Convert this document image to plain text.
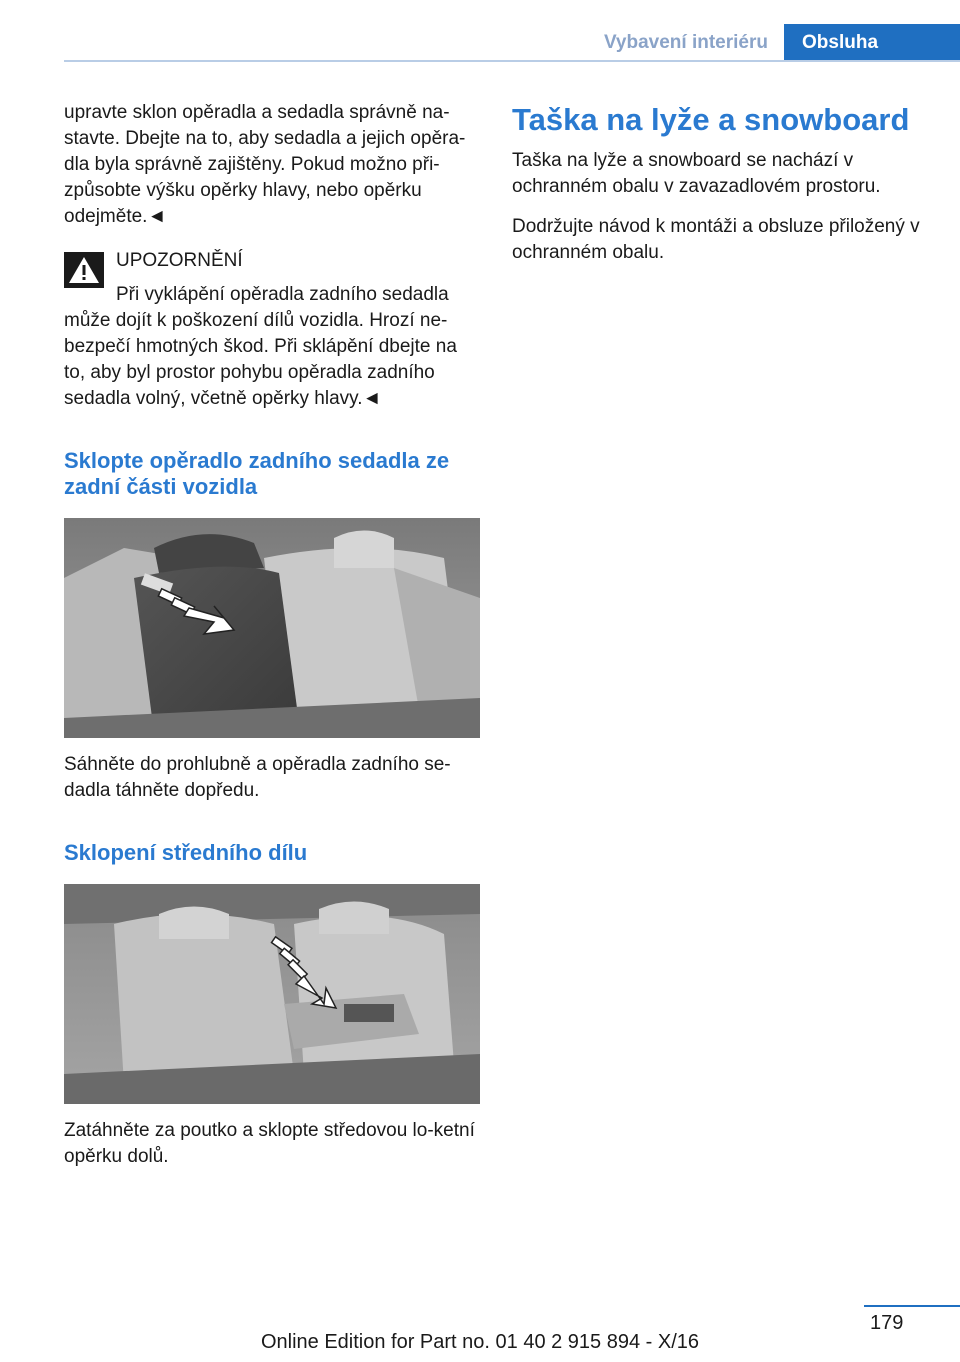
Vybavení interiéru	Obsluha

upravte sklon opěradla a sedadla správně na-stavte. Dbejte na to, aby sedadla a jejich opěra-dla byla správně zajištěny. Pokud možno při-způsobte výšku opěrky hlavy, nebo opěrku odejměte.◄

UPOZORNĚNÍ

Při vyklápění opěradla zadního sedadla může dojít k poškození dílů vozidla. Hrozí ne-bezpečí hmotných škod. Při sklápění dbejte na to, aby byl prostor pohybu opěradla zadního sedadla volný, včetně opěrky hlavy.◄

Sklopte opěradlo zadního sedadla ze zadní části vozidla

Sáhněte do prohlubně a opěradla zadního se-dadla táhněte dopředu.

Sklopení středního dílu

Zatáhněte za poutko a sklopte středovou lo-ketní opěrku dolů.

Taška na lyže a snowboard

Taška na lyže a snowboard se nachází v ochranném obalu v zavazadlovém prostoru.

Dodržujte návod k montáži a obsluze přiložený v ochranném obalu.

179
Online Edition for Part no. 01 40 2 915 894 - X/16
